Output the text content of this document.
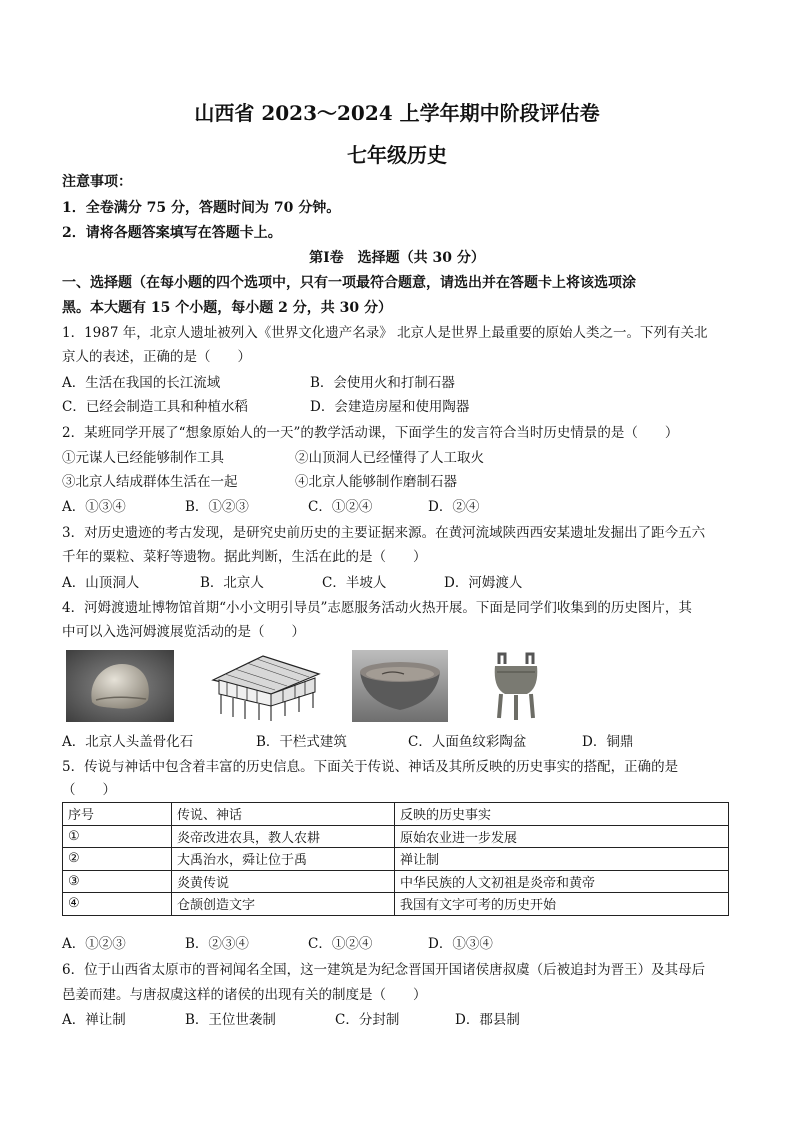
山西省 2023～2024 上学年期中阶段评估卷
七年级历史
注意事项：
1．全卷满分 75 分，答题时间为 70 分钟。
2．请将各题答案填写在答题卡上。
第Ⅰ卷　选择题（共 30 分）
一、选择题（在每小题的四个选项中，只有一项最符合题意，请选出并在答题卡上将该选项涂
黑。本大题有 15 个小题，每小题 2 分，共 30 分）
1．1987 年，北京人遗址被列入《世界文化遗产名录》 北京人是世界上最重要的原始人类之一。下列有关北
京人的表述，正确的是（　　）
A．生活在我国的长江流域	B．会使用火和打制石器
C．已经会制造工具和种植水稻	D．会建造房屋和使用陶器
2．某班同学开展了“想象原始人的一天”的教学活动课，下面学生的发言符合当时历史情景的是（　　）
①元谋人已经能够制作工具	②山顶洞人已经懂得了人工取火
③北京人结成群体生活在一起	④北京人能够制作磨制石器
A．①③④	B．①②③	C．①②④	D．②④
3．对历史遗迹的考古发现，是研究史前历史的主要证据来源。在黄河流域陕西西安某遗址发掘出了距今五六
千年的粟粒、菜籽等遗物。据此判断，生活在此的是（　　）
A．山顶洞人	B．北京人	C．半坡人	D．河姆渡人
4．河姆渡遗址博物馆首期“小小文明引导员”志愿服务活动火热开展。下面是同学们收集到的历史图片，其
中可以入选河姆渡展览活动的是（　　）
A．北京人头盖骨化石	B．干栏式建筑	C．人面鱼纹彩陶盆	D．铜鼎
5．传说与神话中包含着丰富的历史信息。下面关于传说、神话及其所反映的历史事实的搭配，正确的是
（　　）
序号	传说、神话	反映的历史事实
①	炎帝改进农具，教人农耕	原始农业进一步发展
②	大禹治水，舜让位于禹	禅让制
③	炎黄传说	中华民族的人文初祖是炎帝和黄帝
④	仓颉创造文字	我国有文字可考的历史开始
A．①②③	B．②③④	C．①②④	D．①③④
6．位于山西省太原市的晋祠闻名全国，这一建筑是为纪念晋国开国诸侯唐叔虞（后被追封为晋王）及其母后
邑姜而建。与唐叔虞这样的诸侯的出现有关的制度是（　　）
A．禅让制	B．王位世袭制	C．分封制	D．郡县制
